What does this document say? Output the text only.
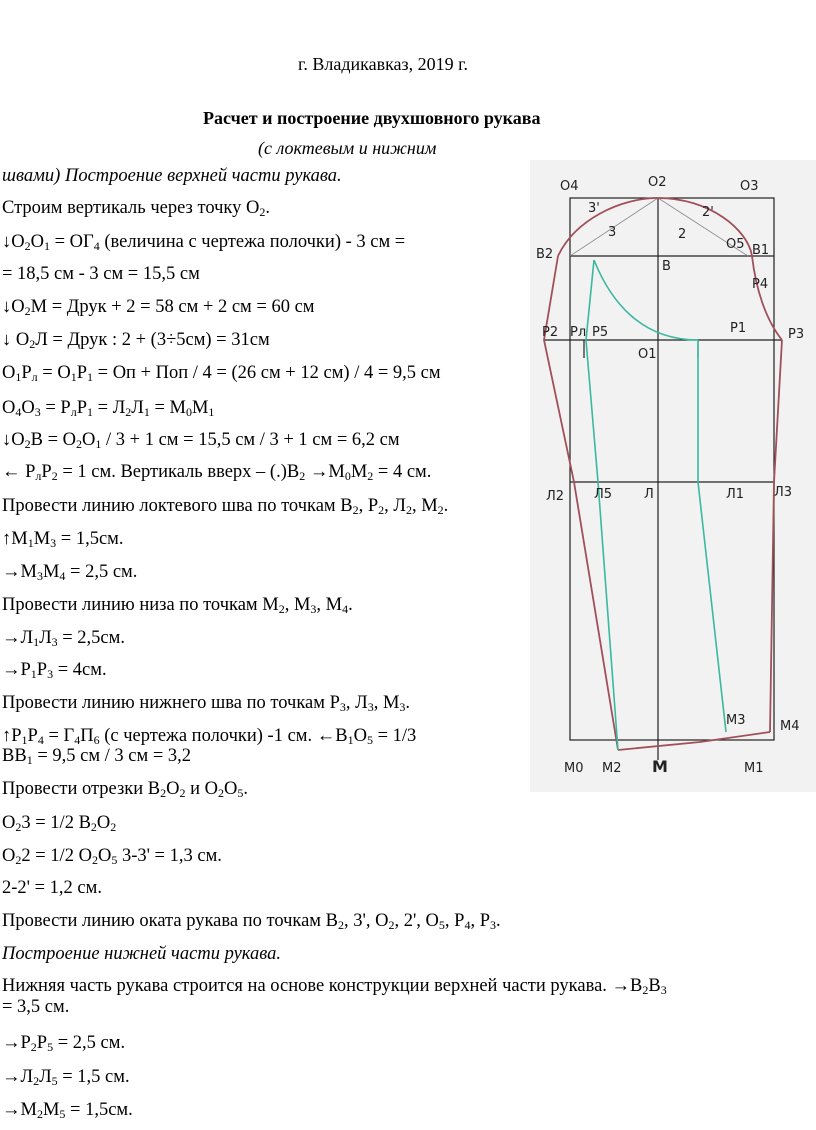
г. Владикавказ, 2019 г.
Расчет и построение двухшовного рукава
(с локтевым и нижним
швами) Построение верхней части рукава.
Строим вертикаль через точку $О_2$.
$↓О_2О_1 = ОГ_4$ (величина с чертежа полочки) - 3 см =
= 18,5 см - 3 см = 15,5 см
$↓О_2М$ = Друк + 2 = 58 см + 2 см = 60 см
↓ $О_2Л$ = Друк : 2 + (3÷5см) = 31см
$О_1Р_л = О_1Р_1$ = Оп + Поп / 4 = (26 см + 12 см) / 4 = 9,5 см
$О_4О_3 = Р_лР_1 = Л_2Л_1 = М_0М_1$
$↓О_2В = О_2О_1 / 3 + 1$ см = 15,5 см / 3 + 1 см = 6,2 см
← $Р_лР_2 = 1$ см. Вертикаль вверх – $(.)В_2 \to М_0М_2 = 4$ см.
Провести линию локтевого шва по точкам $В_2$, $Р_2$, $Л_2$, $М_2$.
$↑М_1М_3 = 1,5см$.
$\to М_3М_4 = 2,5$ см.
Провести линию низа по точкам $М_2$, $М_3$, $М_4$.
$\to Л_1Л_3 = 2,5см$.
$\to Р_1Р_3 = 4см$.
Провести линию нижнего шва по точкам $Р_3$, $Л_3$, $М_3$.
$↑Р_1Р_4 = Г_4П_6$ (с чертежа полочки) -1 см. $\leftarrow В_1О_5 = 1/3$
$ВВ_1 = 9,5$ см / 3 см = 3,2
Провести отрезки $В_2О_2$ и $О_2О_5$.
$О_23 = 1/2$ $В_2О_2$
$О_22 = 1/2$ $О_2О_5$ 3-3' = 1,3 см.
2-2' = 1,2 см.
Провести линию оката рукава по точкам $В_2$, 3', $О_2$, 2', $О_5$, $Р_4$, $Р_3$.
Построение нижней части рукава.
Нижняя часть рукава строится на основе конструкции верхней части рукава. $\to В_2В_3$
= 3,5 см.
$\to Р_2Р_5 = 2,5$ см.
$\to Л_2Л_5 = 1,5$ см.
$\to М_2М_5 = 1,5см$.
О4	О2	О3
3'	2'
3	2
В2
О5 В1
В
Р4
Р2 Рл Р5	Р1	Р3
О1
Л2 Л5 Л	Л1 Л3
М3	М4
М0 М2 М	М1
